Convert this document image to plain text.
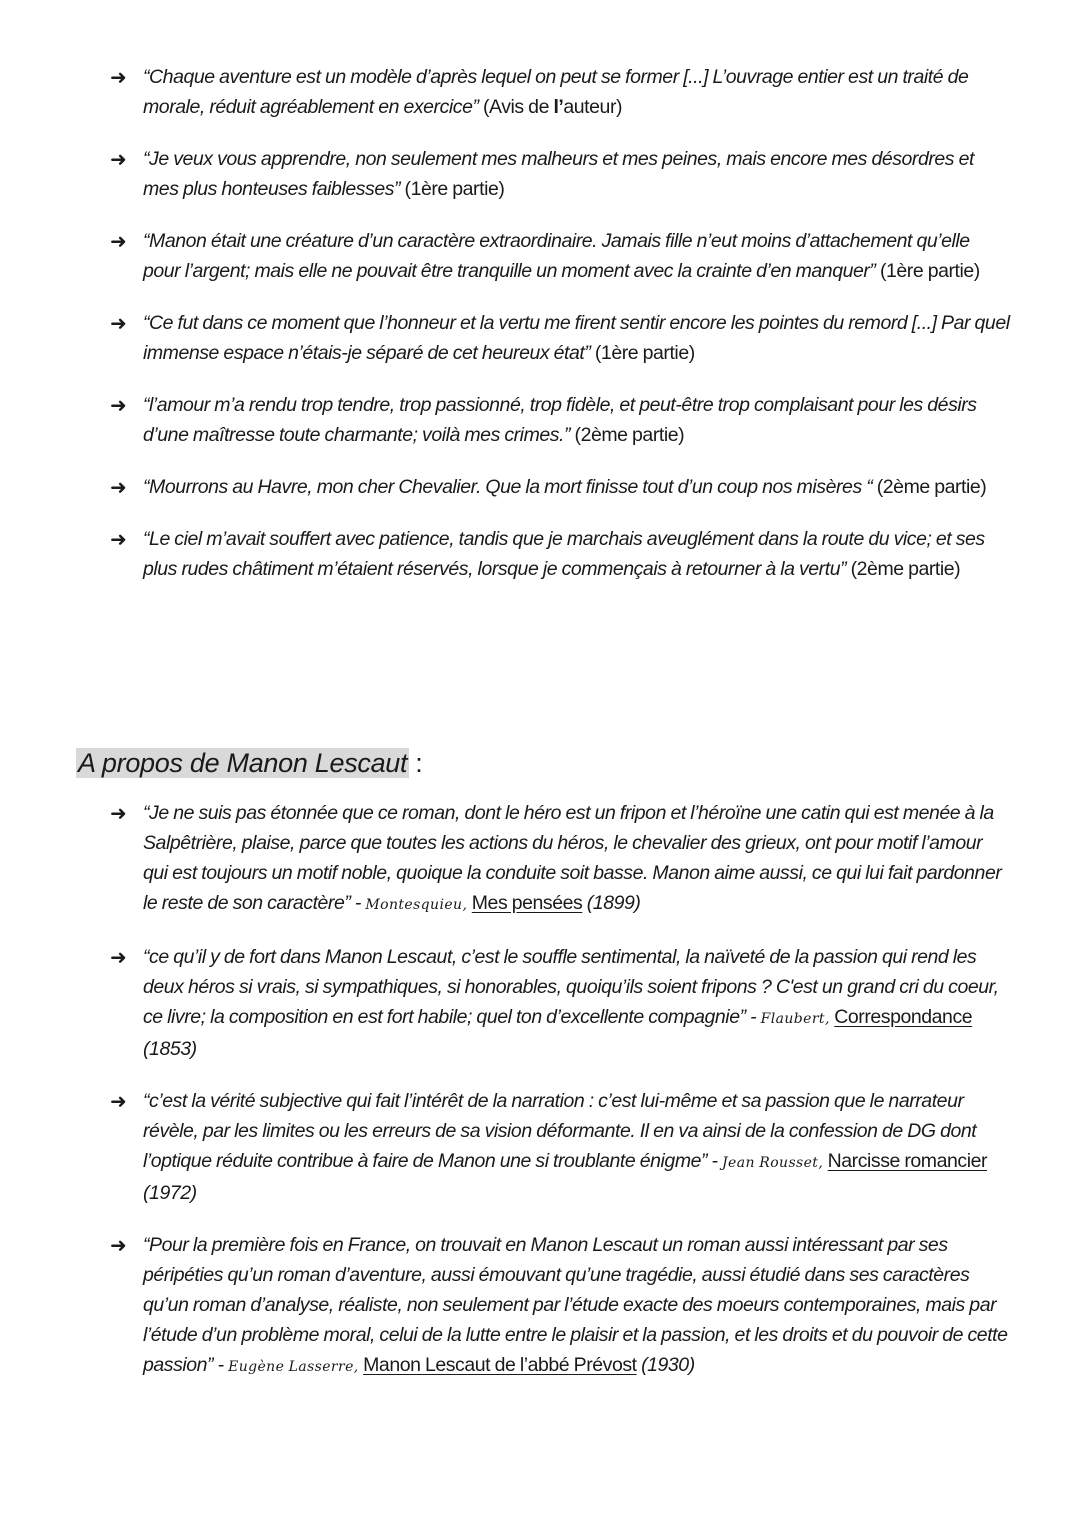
➜ “Chaque aventure est un modèle d’après lequel on peut se former [...] L’ouvrage entier est un traité de morale, réduit agréablement en exercice” (Avis de l’auteur)
➜ “Je veux vous apprendre, non seulement mes malheurs et mes peines, mais encore mes désordres et mes plus honteuses faiblesses” (1ère partie)
➜ “Manon était une créature d’un caractère extraordinaire. Jamais fille n’eut moins d’attachement qu’elle pour l’argent; mais elle ne pouvait être tranquille un moment avec la crainte d’en manquer” (1ère partie)
➜ “Ce fut dans ce moment que l’honneur et la vertu me firent sentir encore les pointes du remord [...] Par quel immense espace n’étais-je séparé de cet heureux état” (1ère partie)
➜ “l’amour m’a rendu trop tendre, trop passionné, trop fidèle, et peut-être trop complaisant pour les désirs d’une maîtresse toute charmante; voilà mes crimes.” (2ème partie)
➜ “Mourrons au Havre, mon cher Chevalier. Que la mort finisse tout d’un coup nos misères “ (2ème partie)
➜ “Le ciel m’avait souffert avec patience, tandis que je marchais aveuglément dans la route du vice; et ses plus rudes châtiment m’étaient réservés, lorsque je commençais à retourner à la vertu” (2ème partie)
A propos de Manon Lescaut :
➜ “Je ne suis pas étonnée que ce roman, dont le héro est un fripon et l’héroïne une catin qui est menée à la Salpêtrière, plaise, parce que toutes les actions du héros, le chevalier des grieux, ont pour motif l’amour qui est toujours un motif noble, quoique la conduite soit basse. Manon aime aussi, ce qui lui fait pardonner le reste de son caractère” - Montesquieu, Mes pensées (1899)
➜ “ce qu’il y de fort dans Manon Lescaut, c’est le souffle sentimental, la naïveté de la passion qui rend les deux héros si vrais, si sympathiques, si honorables, quoiqu’ils soient fripons ? C'est un grand cri du coeur, ce livre; la composition en est fort habile; quel ton d’excellente compagnie” - Flaubert, Correspondance (1853)
➜ “c’est la vérité subjective qui fait l’intérêt de la narration : c’est lui-même et sa passion que le narrateur révèle, par les limites ou les erreurs de sa vision déformante. Il en va ainsi de la confession de DG dont l’optique réduite contribue à faire de Manon une si troublante énigme” - Jean Rousset, Narcisse romancier (1972)
➜ “Pour la première fois en France, on trouvait en Manon Lescaut un roman aussi intéressant par ses péripéties qu’un roman d’aventure, aussi émouvant qu’une tragédie, aussi étudié dans ses caractères qu’un roman d’analyse, réaliste, non seulement par l’étude exacte des moeurs contemporaines, mais par l’étude d’un problème moral, celui de la lutte entre le plaisir et la passion, et les droits et du pouvoir de cette passion” - Eugène Lasserre, Manon Lescaut de l’abbé Prévost (1930)
